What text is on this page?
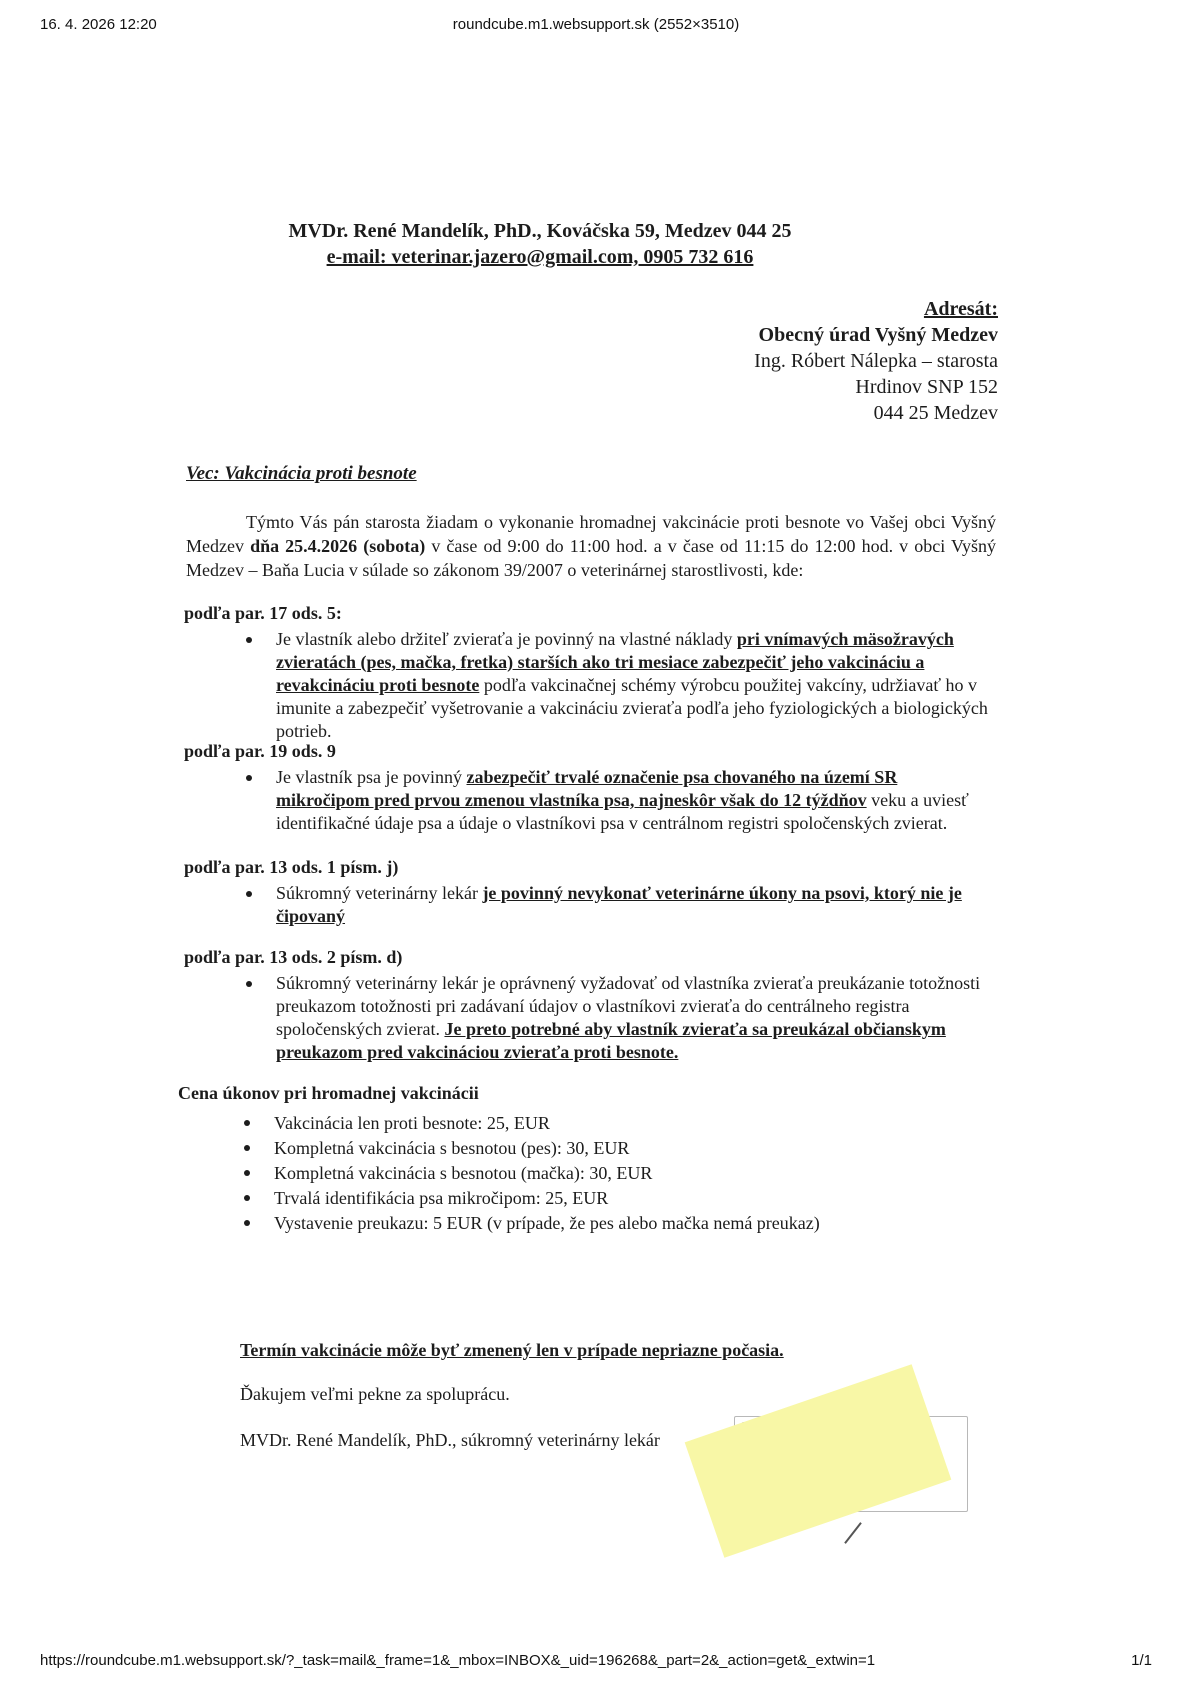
16. 4. 2026 12:20	roundcube.m1.websupport.sk (2552×3510)
MVDr. René Mandelík, PhD., Kováčska 59, Medzev 044 25
e-mail: veterinar.jazero@gmail.com, 0905 732 616
Adresát:
Obecný úrad Vyšný Medzev
Ing. Róbert Nálepka – starosta
Hrdinov SNP 152
044 25 Medzev
Vec: Vakcinácia proti besnote
Týmto Vás pán starosta žiadam o vykonanie hromadnej vakcinácie proti besnote vo Vašej obci Vyšný Medzev dňa 25.4.2026 (sobota) v čase od 9:00 do 11:00 hod. a v čase od 11:15 do 12:00 hod. v obci Vyšný Medzev – Baňa Lucia v súlade so zákonom 39/2007 o veterinárnej starostlivosti, kde:
podľa par. 17 ods. 5:
Je vlastník alebo držiteľ zvieraťa je povinný na vlastné náklady pri vnímavých mäsožravých zvieratách (pes, mačka, fretka) starších ako tri mesiace zabezpečiť jeho vakcináciu a revakcináciu proti besnote podľa vakcinačnej schémy výrobcu použitej vakcíny, udržiavať ho v imunite a zabezpečiť vyšetrovanie a vakcináciu zvieraťa podľa jeho fyziologických a biologických potrieb.
podľa par. 19 ods. 9
Je vlastník psa je povinný zabezpečiť trvalé označenie psa chovaného na území SR mikročipom pred prvou zmenou vlastníka psa, najneskôr však do 12 týždňov veku a uviesť identifikačné údaje psa a údaje o vlastníkovi psa v centrálnom registri spoločenských zvierat.
podľa par. 13 ods. 1 písm. j)
Súkromný veterinárny lekár je povinný nevykonať veterinárne úkony na psovi, ktorý nie je čipovaný
podľa par. 13 ods. 2 písm. d)
Súkromný veterinárny lekár je oprávnený vyžadovať od vlastníka zvieraťa preukázanie totožnosti preukazom totožnosti pri zadávaní údajov o vlastníkovi zvieraťa do centrálneho registra spoločenských zvierat. Je preto potrebné aby vlastník zvieraťa sa preukázal občianskym preukazom pred vakcináciou zvieraťa proti besnote.
Cena úkonov pri hromadnej vakcinácii
Vakcinácia len proti besnote: 25, EUR
Kompletná vakcinácia s besnotou (pes): 30, EUR
Kompletná vakcinácia s besnotou (mačka): 30, EUR
Trvalá identifikácia psa mikročipom: 25, EUR
Vystavenie preukazu: 5 EUR (v prípade, že pes alebo mačka nemá preukaz)
Termín vakcinácie môže byť zmenený len v prípade nepriazne počasia.
Ďakujem veľmi pekne za spoluprácu.
MVDr. René Mandelík, PhD., súkromný veterinárny lekár
https://roundcube.m1.websupport.sk/?_task=mail&_frame=1&_mbox=INBOX&_uid=196268&_part=2&_action=get&_extwin=1	1/1
